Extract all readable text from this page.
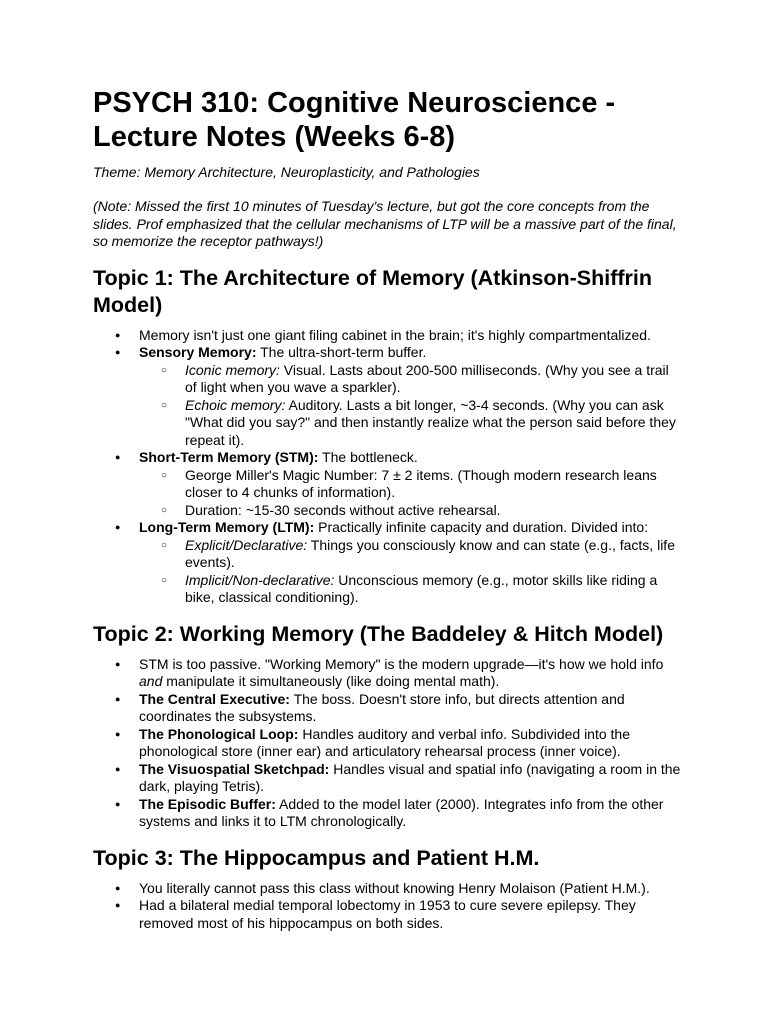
PSYCH 310: Cognitive Neuroscience - Lecture Notes (Weeks 6-8)

Theme: Memory Architecture, Neuroplasticity, and Pathologies

(Note: Missed the first 10 minutes of Tuesday's lecture, but got the core concepts from the slides. Prof emphasized that the cellular mechanisms of LTP will be a massive part of the final, so memorize the receptor pathways!)

Topic 1: The Architecture of Memory (Atkinson-Shiffrin Model)
● Memory isn't just one giant filing cabinet in the brain; it's highly compartmentalized.
● Sensory Memory: The ultra-short-term buffer.
○ Iconic memory: Visual. Lasts about 200-500 milliseconds. (Why you see a trail of light when you wave a sparkler).
○ Echoic memory: Auditory. Lasts a bit longer, ~3-4 seconds. (Why you can ask "What did you say?" and then instantly realize what the person said before they repeat it).
● Short-Term Memory (STM): The bottleneck.
○ George Miller's Magic Number: 7 ± 2 items. (Though modern research leans closer to 4 chunks of information).
○ Duration: ~15-30 seconds without active rehearsal.
● Long-Term Memory (LTM): Practically infinite capacity and duration. Divided into:
○ Explicit/Declarative: Things you consciously know and can state (e.g., facts, life events).
○ Implicit/Non-declarative: Unconscious memory (e.g., motor skills like riding a bike, classical conditioning).
Topic 2: Working Memory (The Baddeley & Hitch Model)
● STM is too passive. "Working Memory" is the modern upgrade—it's how we hold info and manipulate it simultaneously (like doing mental math).
● The Central Executive: The boss. Doesn't store info, but directs attention and coordinates the subsystems.
● The Phonological Loop: Handles auditory and verbal info. Subdivided into the phonological store (inner ear) and articulatory rehearsal process (inner voice).
● The Visuospatial Sketchpad: Handles visual and spatial info (navigating a room in the dark, playing Tetris).
● The Episodic Buffer: Added to the model later (2000). Integrates info from the other systems and links it to LTM chronologically.
Topic 3: The Hippocampus and Patient H.M.
● You literally cannot pass this class without knowing Henry Molaison (Patient H.M.).
● Had a bilateral medial temporal lobectomy in 1953 to cure severe epilepsy. They removed most of his hippocampus on both sides.
